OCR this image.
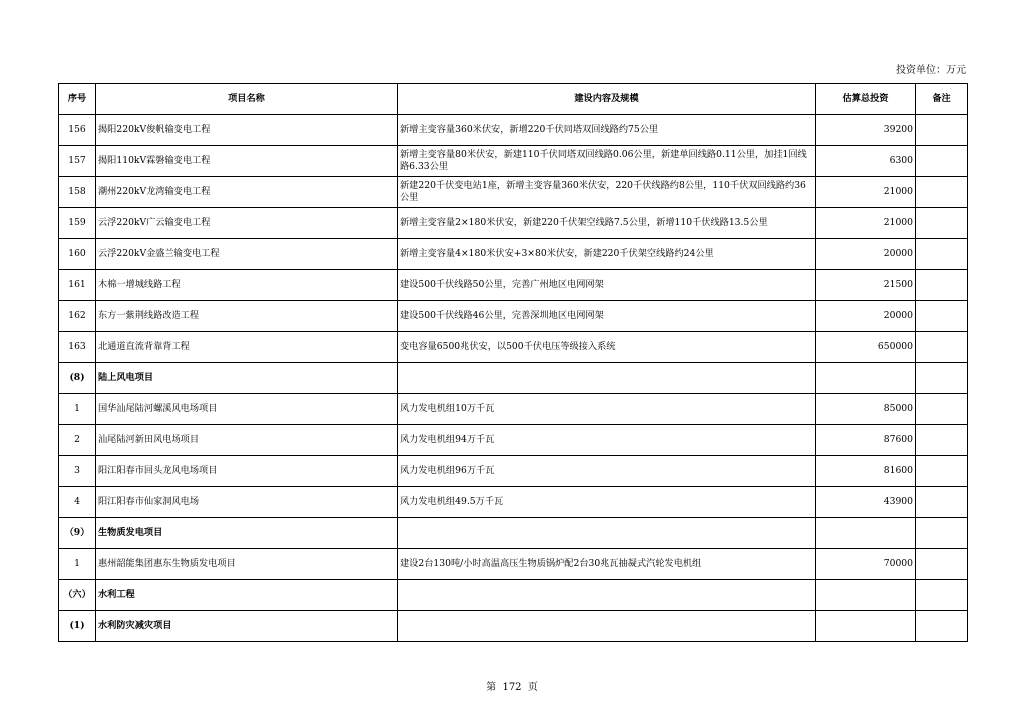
投资单位：万元
序号	项目名称	建设内容及规模	估算总投资	备注
156	揭阳220kV俊帆输变电工程	新增主变容量360米伏安，新增220千伏同塔双回线路约75公里	39200	
157	揭阳110kV霖磐输变电工程	新增主变容量80米伏安，新建110千伏同塔双回线路0.06公里，新建单回线路0.11公里，加挂1回线路6.33公里	6300	
158	潮州220kV龙湾输变电工程	新建220千伏变电站1座，新增主变容量360米伏安，220千伏线路约8公里，110千伏双回线路约36公里	21000	
159	云浮220kV广云输变电工程	新增主变容量2×180米伏安，新建220千伏架空线路7.5公里，新增110千伏线路13.5公里	21000	
160	云浮220kV金盛兰输变电工程	新增主变容量4×180米伏安+3×80米伏安，新建220千伏架空线路约24公里	20000	
161	木棉一增城线路工程	建设500千伏线路50公里，完善广州地区电网网架	21500	
162	东方一紫荆线路改造工程	建设500千伏线路46公里，完善深圳地区电网网架	20000	
163	北通道直流背靠背工程	变电容量6500兆伏安，以500千伏电压等级接入系统	650000	
(8)	陆上风电项目			
1	国华汕尾陆河螺溪风电场项目	风力发电机组10万千瓦	85000	
2	汕尾陆河新田风电场项目	风力发电机组94万千瓦	87600	
3	阳江阳春市回头龙风电场项目	风力发电机组96万千瓦	81600	
4	阳江阳春市仙家洞风电场	风力发电机组49.5万千瓦	43900	
（9）	生物质发电项目			
1	惠州韶能集团惠东生物质发电项目	建设2台130吨/小时高温高压生物质锅炉配2台30兆瓦抽凝式汽轮发电机组	70000	
（六）	水利工程			
(1)	水利防灾减灾项目			
第  172  页
